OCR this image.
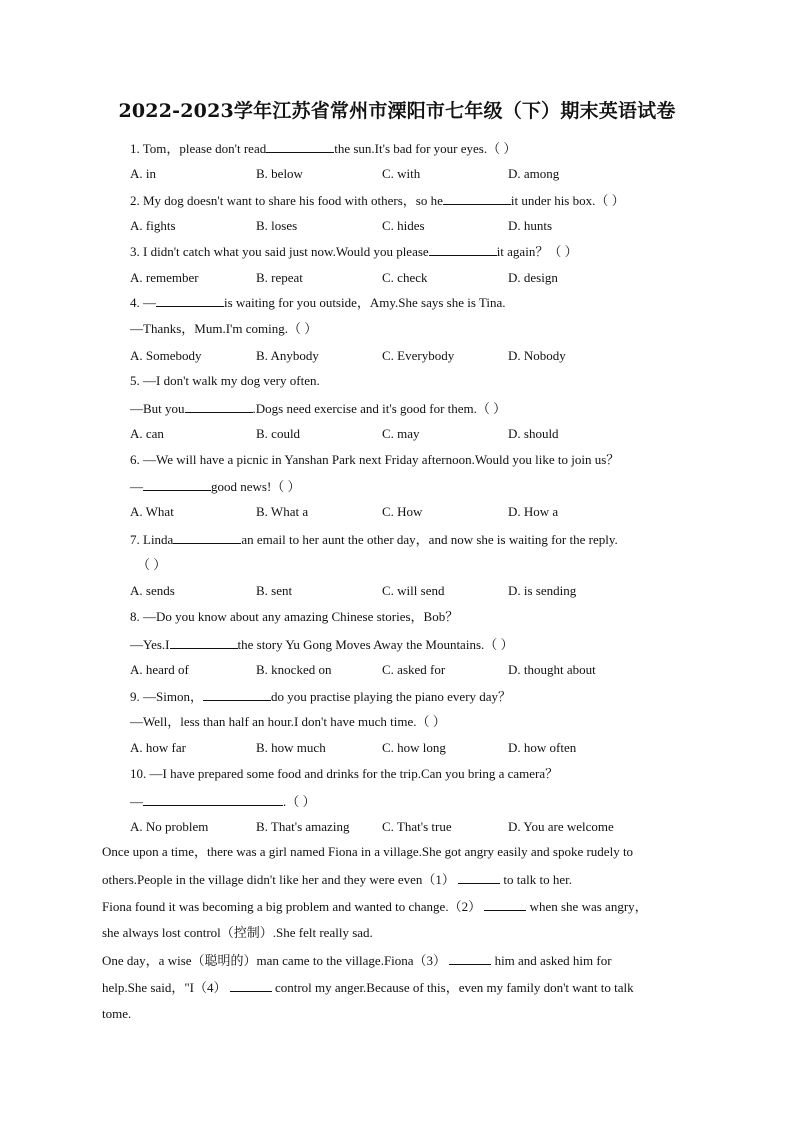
2022-2023学年江苏省常州市溧阳市七年级（下）期末英语试卷
1. Tom，please don't read	the sun.It's bad for your eyes.（ ）
A. in	B. below	C. with	D. among
2. My dog doesn't want to share his food with others，so he	it under his box.（ ）
A. fights	B. loses	C. hides	D. hunts
3. I didn't catch what you said just now.Would you please	it again？（ ）
A. remember	B. repeat	C. check	D. design
4. —	is waiting for you outside，Amy.She says she is Tina.
—Thanks，Mum.I'm coming.（ ）
A. Somebody	B. Anybody	C. Everybody	D. Nobody
5. —I don't walk my dog very often.
—But you	.Dogs need exercise and it's good for them.（ ）
A. can	B. could	C. may	D. should
6. —We will have a picnic in Yanshan Park next Friday afternoon.Would you like to join us？
—	good news!（ ）
A. What	B. What a	C. How	D. How a
7. Linda	an email to her aunt the other day，and now she is waiting for the reply.
（ ）
A. sends	B. sent	C. will send	D. is sending
8. —Do you know about any amazing Chinese stories，Bob？
—Yes.I	the story Yu Gong Moves Away the Mountains.（ ）
A. heard of	B. knocked on	C. asked for	D. thought about
9. —Simon，	do you practise playing the piano every day？
—Well，less than half an hour.I don't have much time.（ ）
A. how far	B. how much	C. how long	D. how often
10. —I have prepared some food and drinks for the trip.Can you bring a camera？
—	.（ ）
A. No problem	B. That's amazing	C. That's true	D. You are welcome
Once upon a time，there was a girl named Fiona in a village.She got angry easily and spoke rudely to
others.People in the village didn't like her and they were even（1）	to talk to her.
Fiona found it was becoming a big problem and wanted to change.（2）	when she was angry，
she always lost control（控制）.She felt really sad.
One day，a wise（聪明的）man came to the village.Fiona（3）	him and asked him for
help.She said，"I（4）	control my anger.Because of this，even my family don't want to talk
tome.
